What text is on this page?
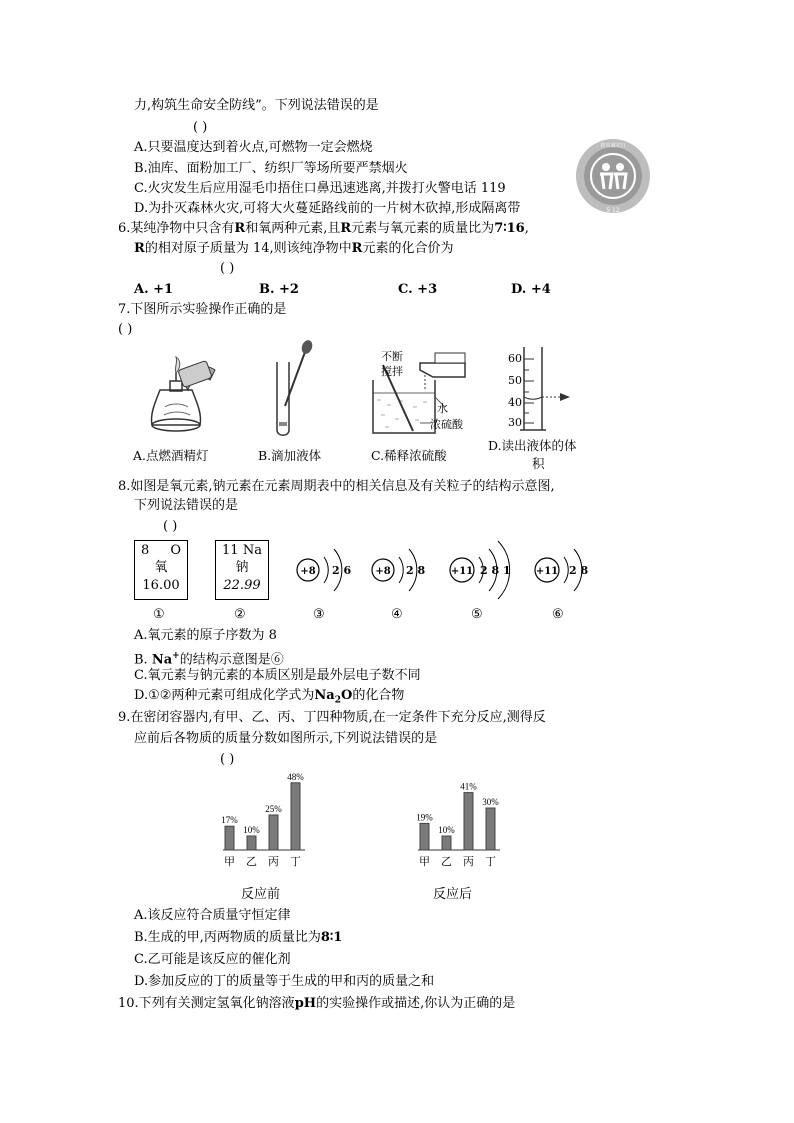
力,构筑生命安全防线”。下列说法错误的是
( )
A.只要温度达到着火点,可燃物一定会燃烧
B.油库、面粉加工厂、纺织厂等场所要严禁烟火
C.火灾发生后应用湿毛巾捂住口鼻迅速逃离,并拨打火警电话 119
D.为扑灭森林火灾,可将大火蔓延路线前的一片树木砍掉,形成隔离带	5·12
防灾减灾日
6.某纯净物中只含有R和氧两种元素,且R元素与氧元素的质量比为7∶16,
R的相对原子质量为 14,则该纯净物中R元素的化合价为
( )
A. +1	B. +2	C. +3	D. +4
7.下图所示实验操作正确的是
( )
A.点燃酒精灯	B.滴加液体
不断
搅拌
水
浓硫酸
C.稀释浓硫酸
60
50
40
30
D.读出液体的体
积
8.如图是氧元素,钠元素在元素周期表中的相关信息及有关粒子的结构示意图,
下列说法错误的是
( )
8 O
氧
16.00
11 Na
钠
22.99
+8 2 6 +8 2 8	+11 2 8 1	+11 2 8
①	②	③	④	⑤	⑥
A.氧元素的原子序数为 8
B. Na+的结构示意图是⑥
C.氧元素与钠元素的本质区别是最外层电子数不同
D.①②两种元素可组成化学式为$Na_2O$的化合物
9.在密闭容器内,有甲、乙、丙、丁四种物质,在一定条件下充分反应,测得反
应前后各物质的质量分数如图所示,下列说法错误的是
( )
17%
甲
10%
乙
25%
丙
48%
丁
19%
甲
10%
乙
41%
丙
30%
丁
反应前	反应后
A.该反应符合质量守恒定律
B.生成的甲,丙两物质的质量比为8∶1
C.乙可能是该反应的催化剂
D.参加反应的丁的质量等于生成的甲和丙的质量之和
10.下列有关测定氢氧化钠溶液pH的实验操作或描述,你认为正确的是
